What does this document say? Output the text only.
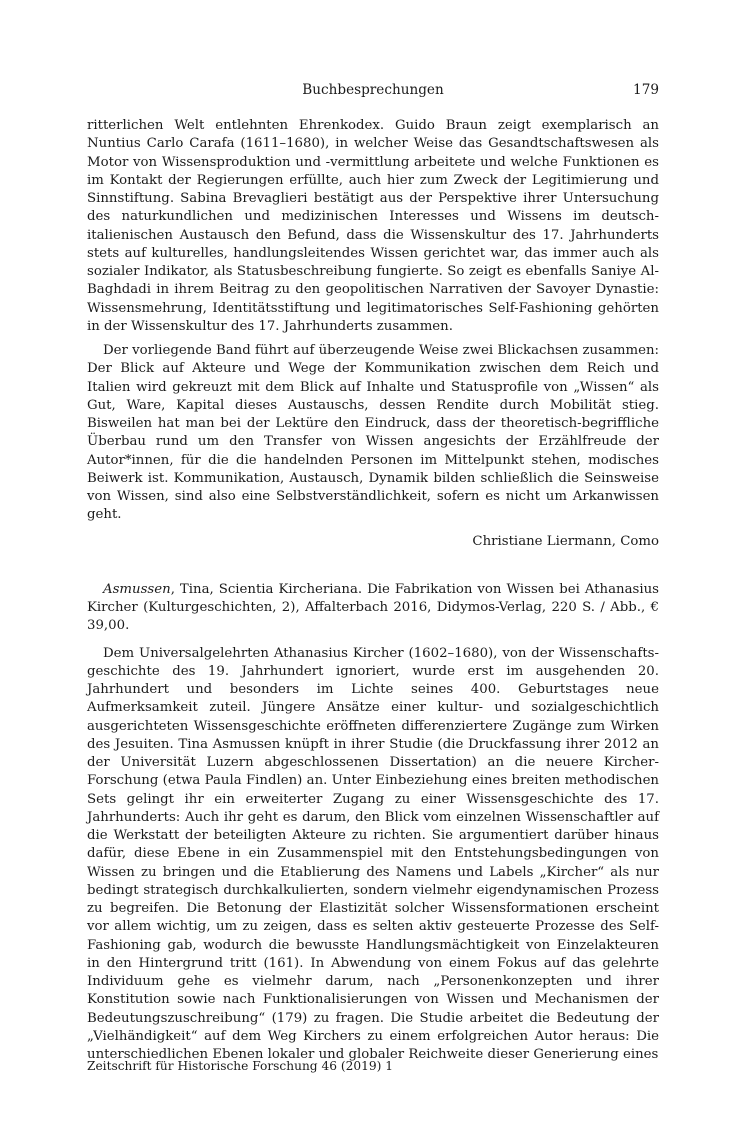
Buchbesprechungen	179

ritterlichen Welt entlehnten Ehrenkodex. Guido Braun zeigt exemplarisch an Nuntius Carlo Carafa (1611–1680), in welcher Weise das Gesandtschaftswesen als Motor von Wissensproduktion und -vermittlung arbeitete und welche Funktionen es im Kontakt der Regierungen erfüllte, auch hier zum Zweck der Legitimierung und Sinnstiftung. Sabina Brevaglieri bestätigt aus der Perspektive ihrer Untersuchung des naturkundlichen und medizinischen Interesses und Wissens im deutsch-italienischen Austausch den Befund, dass die Wissenskultur des 17. Jahrhunderts stets auf kulturelles, handlungsleitendes Wissen gerichtet war, das immer auch als sozialer Indikator, als Statusbeschreibung fungierte. So zeigt es ebenfalls Saniye Al-Baghdadi in ihrem Beitrag zu den geopolitischen Narrativen der Savoyer Dynastie: Wissensmehrung, Identitätsstiftung und legitimatorisches Self-Fashioning gehörten in der Wissenskultur des 17. Jahrhunderts zusammen.

Der vorliegende Band führt auf überzeugende Weise zwei Blickachsen zusammen: Der Blick auf Akteure und Wege der Kommunikation zwischen dem Reich und Italien wird gekreuzt mit dem Blick auf Inhalte und Statusprofile von „Wissen“ als Gut, Ware, Kapital dieses Austauschs, dessen Rendite durch Mobilität stieg. Bisweilen hat man bei der Lektüre den Eindruck, dass der theoretisch-begriffliche Überbau rund um den Transfer von Wissen angesichts der Erzählfreude der Autor*innen, für die die handelnden Personen im Mittelpunkt stehen, modisches Beiwerk ist. Kommunikation, Austausch, Dynamik bilden schließlich die Seinsweise von Wissen, sind also eine Selbstverständlichkeit, sofern es nicht um Arkanwissen geht.

Christiane Liermann, Como

Asmussen, Tina, Scientia Kircheriana. Die Fabrikation von Wissen bei Athanasius Kircher (Kulturgeschichten, 2), Affalterbach 2016, Didymos-Verlag, 220 S. / Abb., € 39,00.

Dem Universalgelehrten Athanasius Kircher (1602–1680), von der Wissenschaftsgeschichte des 19. Jahrhundert ignoriert, wurde erst im ausgehenden 20. Jahrhundert und besonders im Lichte seines 400. Geburtstages neue Aufmerksamkeit zuteil. Jüngere Ansätze einer kultur- und sozialgeschichtlich ausgerichteten Wissensgeschichte eröffneten differenziertere Zugänge zum Wirken des Jesuiten. Tina Asmussen knüpft in ihrer Studie (die Druckfassung ihrer 2012 an der Universität Luzern abgeschlossenen Dissertation) an die neuere Kircher-Forschung (etwa Paula Findlen) an. Unter Einbeziehung eines breiten methodischen Sets gelingt ihr ein erweiterter Zugang zu einer Wissensgeschichte des 17. Jahrhunderts: Auch ihr geht es darum, den Blick vom einzelnen Wissenschaftler auf die Werkstatt der beteiligten Akteure zu richten. Sie argumentiert darüber hinaus dafür, diese Ebene in ein Zusammenspiel mit den Entstehungsbedingungen von Wissen zu bringen und die Etablierung des Namens und Labels „Kircher“ als nur bedingt strategisch durchkalkulierten, sondern vielmehr eigendynamischen Prozess zu begreifen. Die Betonung der Elastizität solcher Wissensformationen erscheint vor allem wichtig, um zu zeigen, dass es selten aktiv gesteuerte Prozesse des Self-Fashioning gab, wodurch die bewusste Handlungsmächtigkeit von Einzelakteuren in den Hintergrund tritt (161). In Abwendung von einem Fokus auf das gelehrte Individuum gehe es vielmehr darum, nach „Personenkonzepten und ihrer Konstitution sowie nach Funktionalisierungen von Wissen und Mechanismen der Bedeutungszuschreibung“ (179) zu fragen. Die Studie arbeitet die Bedeutung der „Vielhändigkeit“ auf dem Weg Kirchers zu einem erfolgreichen Autor heraus: Die unterschiedlichen Ebenen lokaler und globaler Reichweite dieser Generierung eines

Zeitschrift für Historische Forschung 46 (2019) 1
